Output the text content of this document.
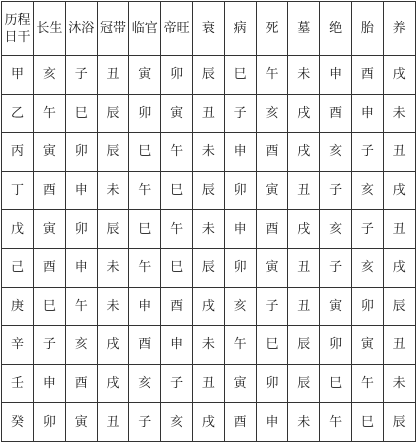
历程
日干	长生	沐浴	冠带	临官	帝旺	衰	病	死	墓	绝	胎	养
甲	亥	子	丑	寅	卯	辰	巳	午	未	申	酉	戌
乙	午	巳	辰	卯	寅	丑	子	亥	戌	酉	申	未
丙	寅	卯	辰	巳	午	未	申	酉	戌	亥	子	丑
丁	酉	申	未	午	巳	辰	卯	寅	丑	子	亥	戌
戊	寅	卯	辰	巳	午	未	申	酉	戌	亥	子	丑
己	酉	申	未	午	巳	辰	卯	寅	丑	子	亥	戌
庚	巳	午	未	申	酉	戌	亥	子	丑	寅	卯	辰
辛	子	亥	戌	酉	申	未	午	巳	辰	卯	寅	丑
壬	申	酉	戌	亥	子	丑	寅	卯	辰	巳	午	未
癸	卯	寅	丑	子	亥	戌	酉	申	未	午	巳	辰
